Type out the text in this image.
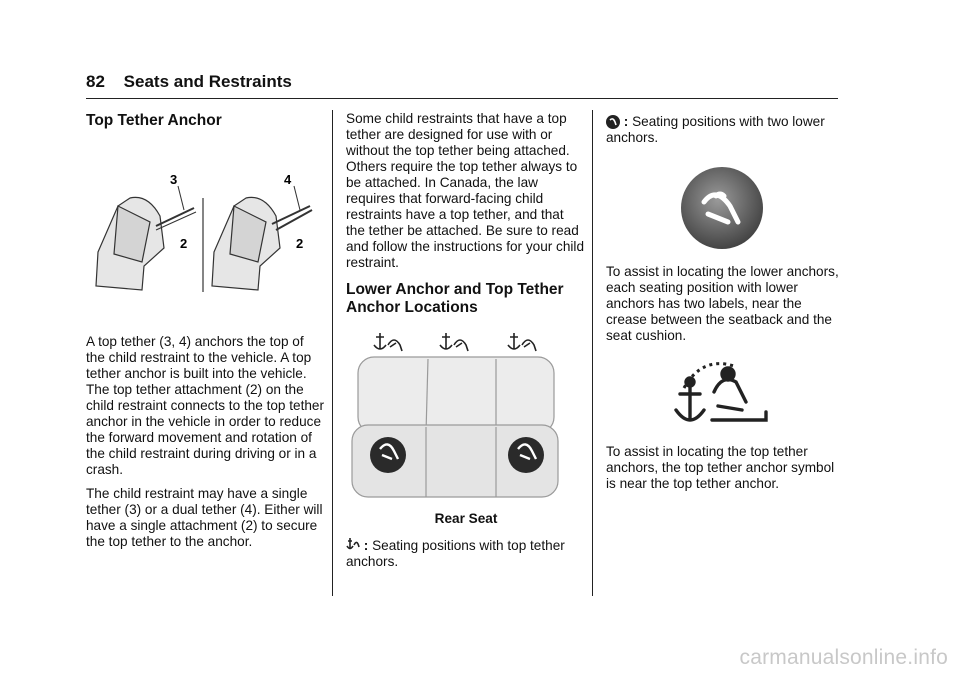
82 Seats and Restraints
Top Tether Anchor
3
2
4
2

A top tether (3, 4) anchors the top of the child restraint to the vehicle. A top tether anchor is built into the vehicle. The top tether attachment (2) on the child restraint connects to the top tether anchor in the vehicle in order to reduce the forward movement and rotation of the child restraint during driving or in a crash.

The child restraint may have a single tether (3) or a dual tether (4). Either will have a single attachment (2) to secure the top tether to the anchor.

Some child restraints that have a top tether are designed for use with or without the top tether being attached. Others require the top tether always to be attached. In Canada, the law requires that forward-facing child restraints have a top tether, and that the tether be attached. Be sure to read and follow the instructions for your child restraint.

Lower Anchor and Top Tether Anchor Locations
Rear Seat

: Seating positions with top tether anchors.

: Seating positions with two lower anchors.

To assist in locating the lower anchors, each seating position with lower anchors has two labels, near the crease between the seatback and the seat cushion.

To assist in locating the top tether anchors, the top tether anchor symbol is near the top tether anchor.

carmanualsonline.info
